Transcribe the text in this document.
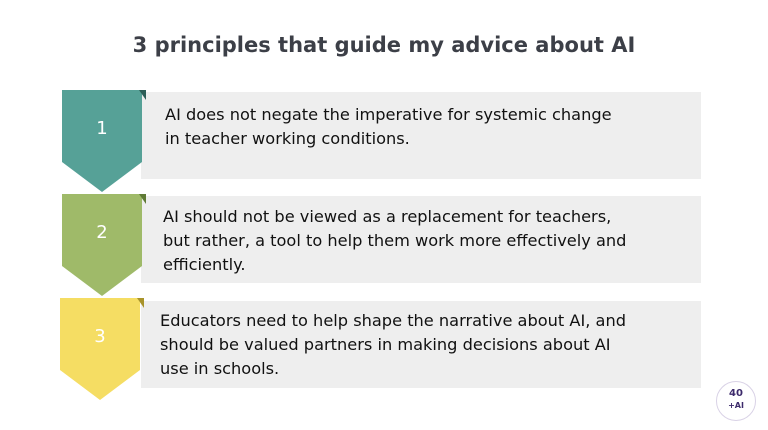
3 principles that guide my advice about AI
1
AI does not negate the imperative for systemic change
in teacher working conditions.
2
AI should not be viewed as a replacement for teachers,
but rather, a tool to help them work more effectively and
efficiently.
3
Educators need to help shape the narrative about AI, and
should be valued partners in making decisions about AI
use in schools.
40
+AI
